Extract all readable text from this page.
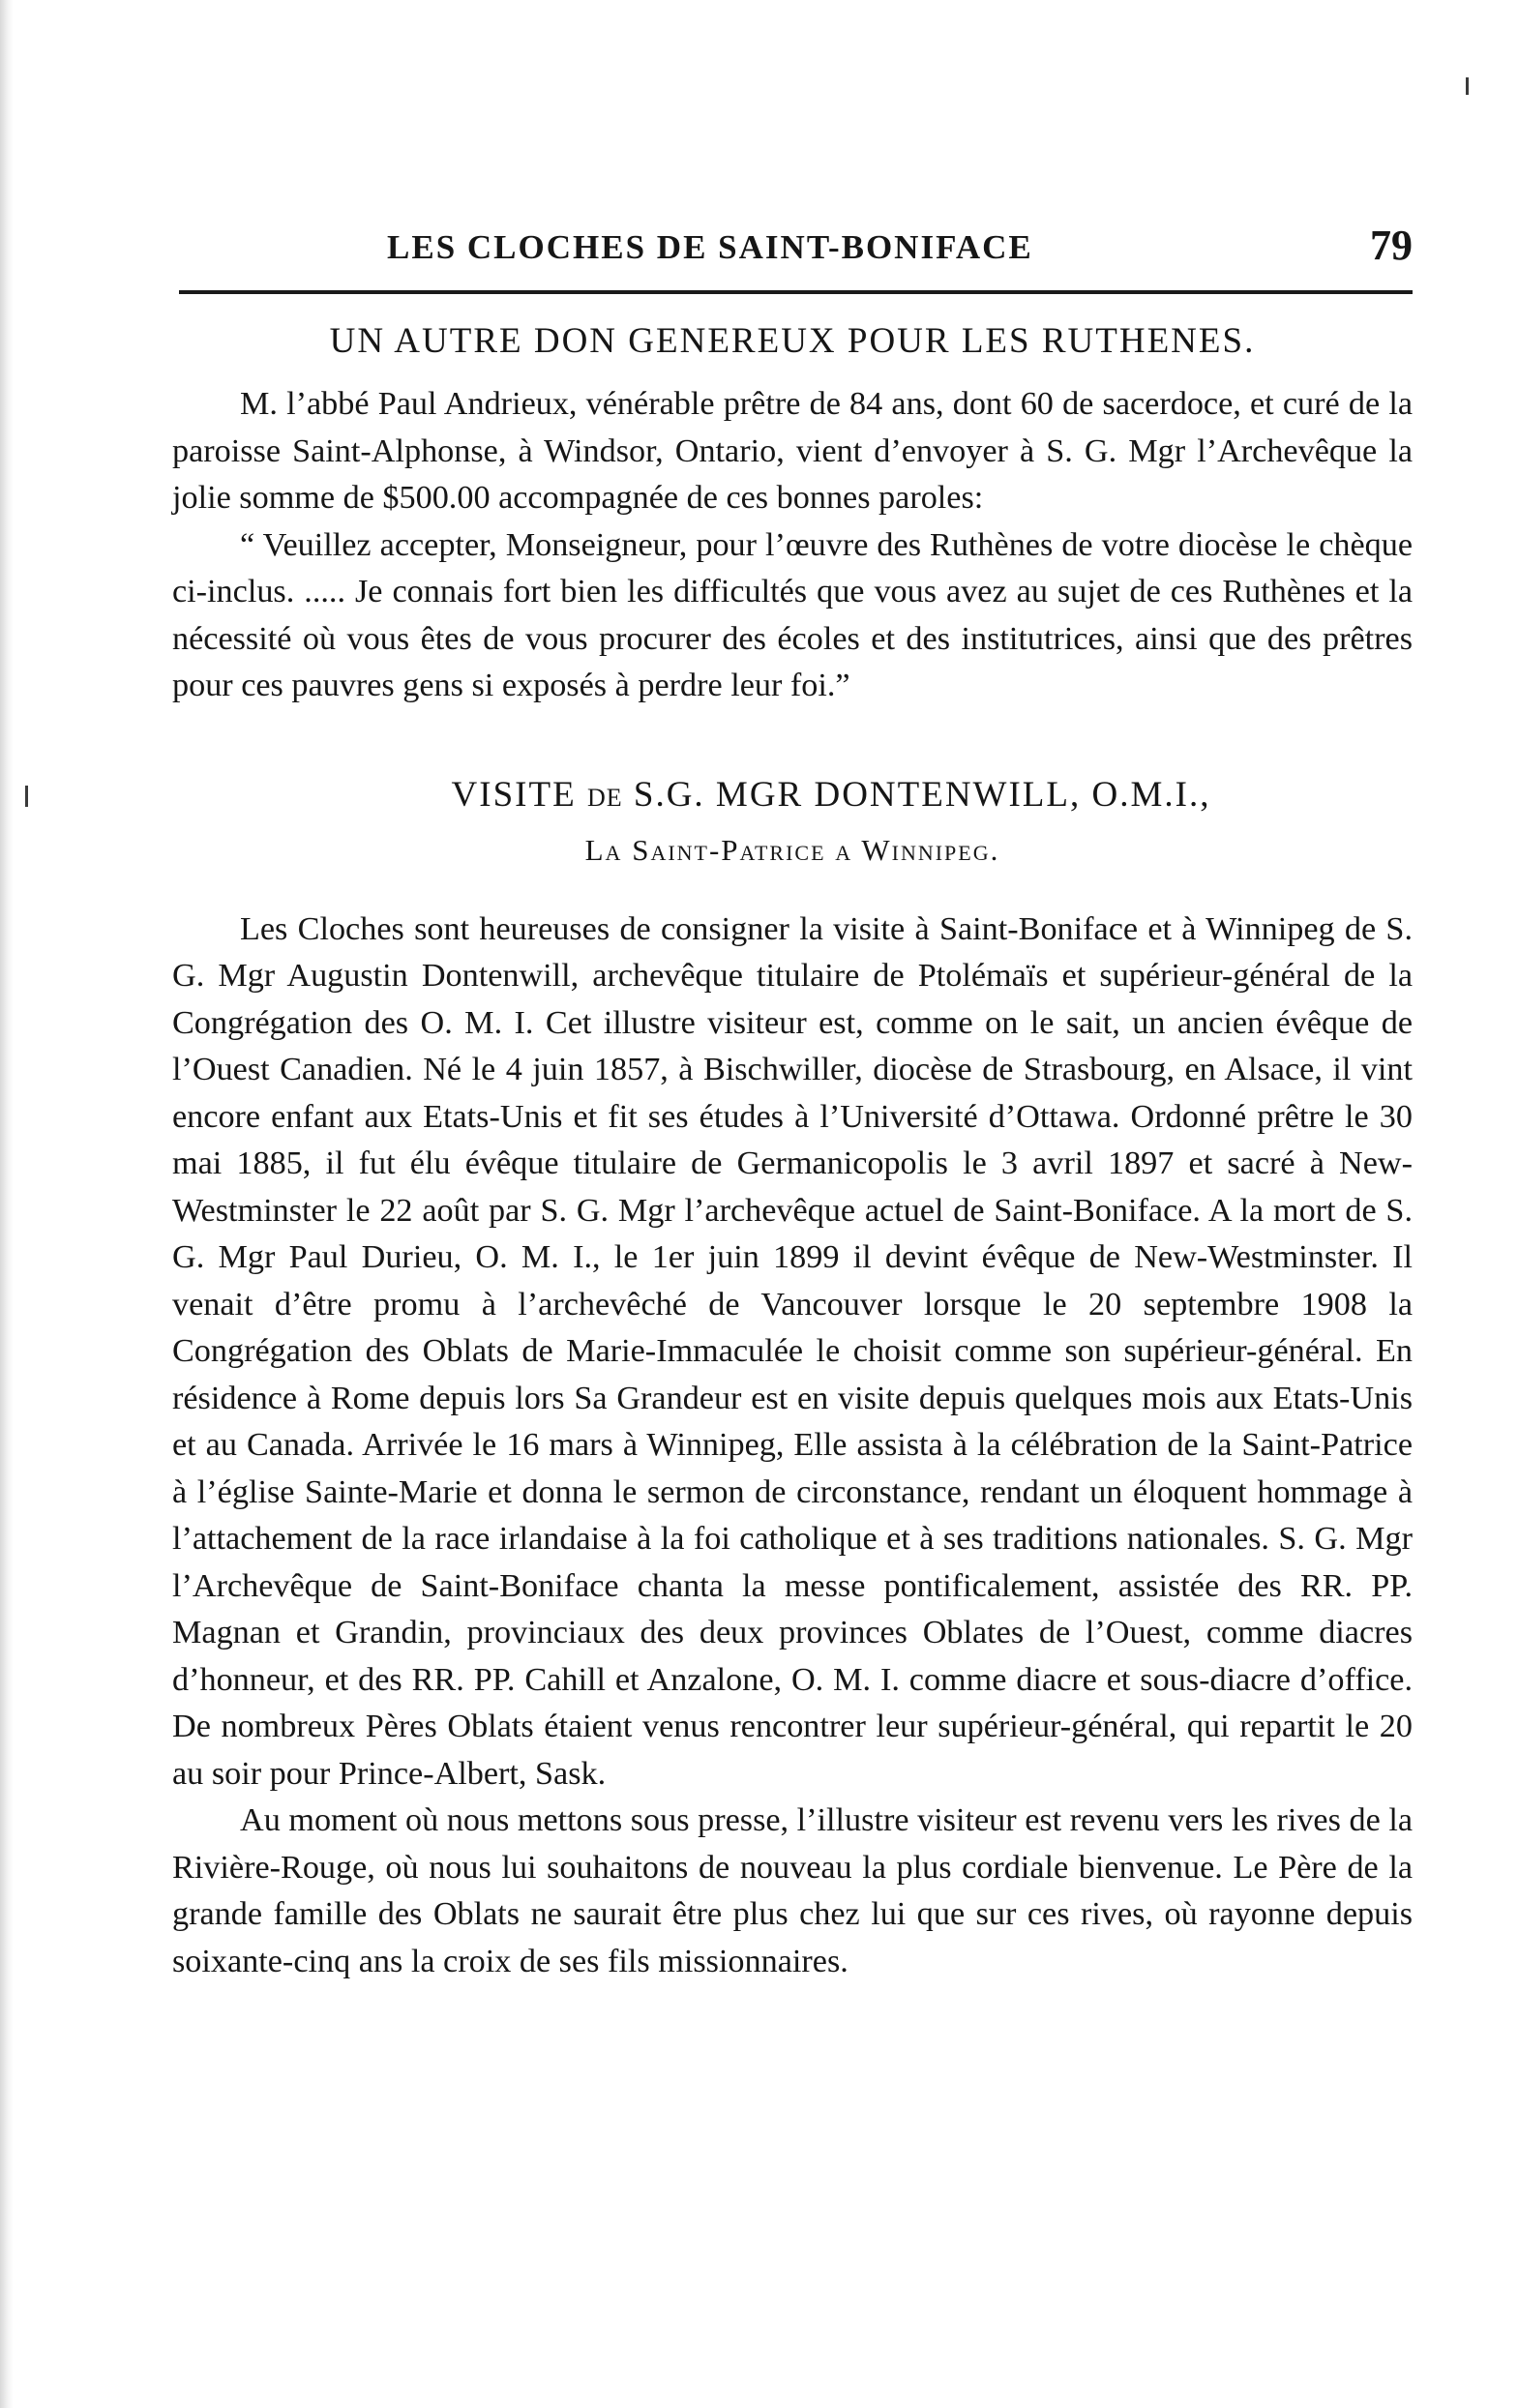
LES CLOCHES DE SAINT-BONIFACE	79
UN AUTRE DON GENEREUX POUR LES RUTHENES.

M. l’abbé Paul Andrieux, vénérable prêtre de 84 ans, dont 60 de sacerdoce, et curé de la paroisse Saint-Alphonse, à Windsor, Ontario, vient d’envoyer à S. G. Mgr l’Archevêque la jolie somme de $500.00 accompagnée de ces bonnes paroles:

“ Veuillez accepter, Monseigneur, pour l’œuvre des Ruthènes de votre diocèse le chèque ci-inclus. ..... Je connais fort bien les difficultés que vous avez au sujet de ces Ruthènes et la nécessité où vous êtes de vous procurer des écoles et des institutrices, ainsi que des prêtres pour ces pauvres gens si exposés à perdre leur foi.”

VISITE DE S.G. MGR DONTENWILL, O.M.I.,
La Saint-Patrice a Winnipeg.

Les Cloches sont heureuses de consigner la visite à Saint-Boniface et à Winnipeg de S. G. Mgr Augustin Dontenwill, archevêque titulaire de Ptolémaïs et supérieur-général de la Congrégation des O. M. I. Cet illustre visiteur est, comme on le sait, un ancien évêque de l’Ouest Canadien. Né le 4 juin 1857, à Bischwiller, diocèse de Strasbourg, en Alsace, il vint encore enfant aux Etats-Unis et fit ses études à l’Université d’Ottawa. Ordonné prêtre le 30 mai 1885, il fut élu évêque titulaire de Germanicopolis le 3 avril 1897 et sacré à New-Westminster le 22 août par S. G. Mgr l’archevêque actuel de Saint-Boniface. A la mort de S. G. Mgr Paul Durieu, O. M. I., le 1er juin 1899 il devint évêque de New-Westminster. Il venait d’être promu à l’archevêché de Vancouver lorsque le 20 septembre 1908 la Congrégation des Oblats de Marie-Immaculée le choisit comme son supérieur-général. En résidence à Rome depuis lors Sa Grandeur est en visite depuis quelques mois aux Etats-Unis et au Canada. Arrivée le 16 mars à Winnipeg, Elle assista à la célébration de la Saint-Patrice à l’église Sainte-Marie et donna le sermon de circonstance, rendant un éloquent hommage à l’attachement de la race irlandaise à la foi catholique et à ses traditions nationales. S. G. Mgr l’Archevêque de Saint-Boniface chanta la messe pontificalement, assistée des RR. PP. Magnan et Grandin, provinciaux des deux provinces Oblates de l’Ouest, comme diacres d’honneur, et des RR. PP. Cahill et Anzalone, O. M. I. comme diacre et sous-diacre d’office. De nombreux Pères Oblats étaient venus rencontrer leur supérieur-général, qui repartit le 20 au soir pour Prince-Albert, Sask.

Au moment où nous mettons sous presse, l’illustre visiteur est revenu vers les rives de la Rivière-Rouge, où nous lui souhaitons de nouveau la plus cordiale bienvenue. Le Père de la grande famille des Oblats ne saurait être plus chez lui que sur ces rives, où rayonne depuis soixante-cinq ans la croix de ses fils missionnaires.
